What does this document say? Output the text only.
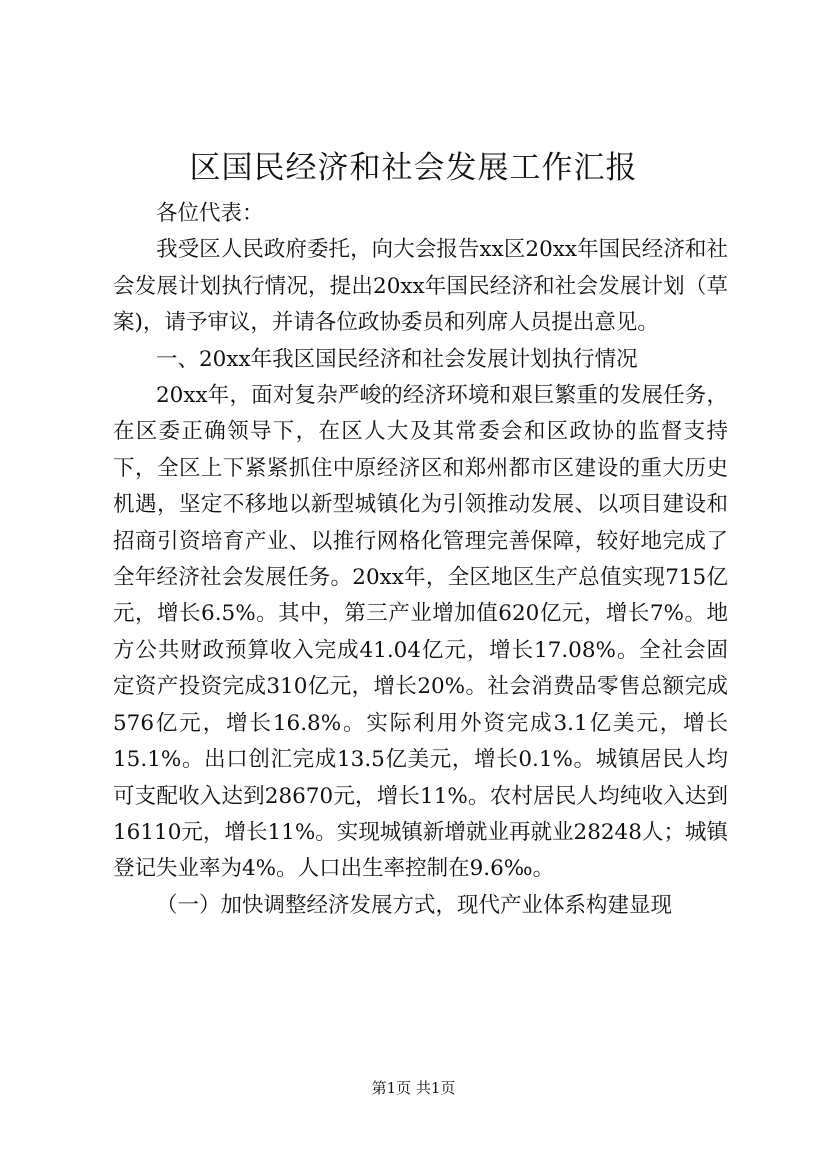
区国民经济和社会发展工作汇报

各位代表：

我受区人民政府委托，向大会报告xx区20xx年国民经济和社会发展计划执行情况，提出20xx年国民经济和社会发展计划（草案)，请予审议，并请各位政协委员和列席人员提出意见。

一、20xx年我区国民经济和社会发展计划执行情况

20xx年，面对复杂严峻的经济环境和艰巨繁重的发展任务，在区委正确领导下，在区人大及其常委会和区政协的监督支持下，全区上下紧紧抓住中原经济区和郑州都市区建设的重大历史机遇，坚定不移地以新型城镇化为引领推动发展、以项目建设和招商引资培育产业、以推行网格化管理完善保障，较好地完成了全年经济社会发展任务。20xx年，全区地区生产总值实现715亿元，增长6.5%。其中，第三产业增加值620亿元，增长7%。地方公共财政预算收入完成41.04亿元，增长17.08%。全社会固定资产投资完成310亿元，增长20%。社会消费品零售总额完成576亿元，增长16.8%。实际利用外资完成3.1亿美元，增长15.1%。出口创汇完成13.5亿美元，增长0.1%。城镇居民人均可支配收入达到28670元，增长11%。农村居民人均纯收入达到16110元，增长11%。实现城镇新增就业再就业28248人；城镇登记失业率为4%。人口出生率控制在9.6‰。

（一）加快调整经济发展方式，现代产业体系构建显现

第1页 共1页
